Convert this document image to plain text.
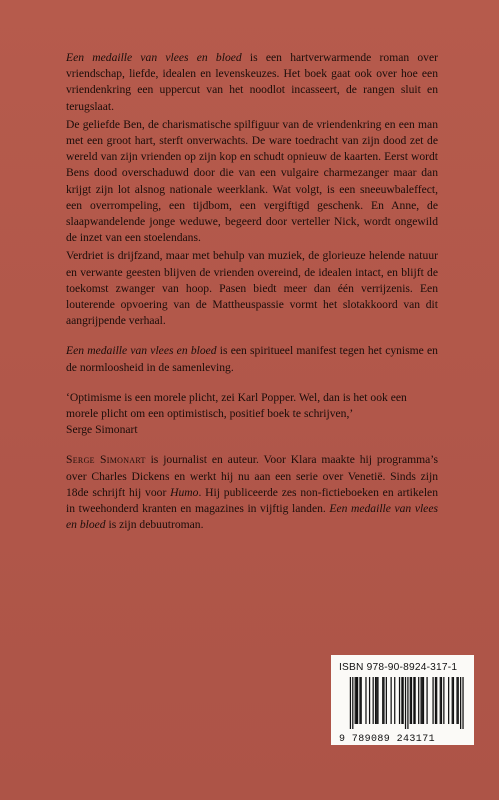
Een medaille van vlees en bloed is een hartverwarmende roman over vriendschap, liefde, idealen en levenskeuzes. Het boek gaat ook over hoe een vriendenkring een uppercut van het noodlot incasseert, de rangen sluit en terugslaat.

De geliefde Ben, de charismatische spilfiguur van de vriendenkring en een man met een groot hart, sterft onverwachts. De ware toedracht van zijn dood zet de wereld van zijn vrienden op zijn kop en schudt opnieuw de kaarten. Eerst wordt Bens dood overschaduwd door die van een vulgaire charmezanger maar dan krijgt zijn lot alsnog nationale weerklank. Wat volgt, is een sneeuwbaleffect, een overrompeling, een tijdbom, een vergiftigd geschenk. En Anne, de slaapwandelende jonge weduwe, begeerd door verteller Nick, wordt ongewild de inzet van een stoelendans.

Verdriet is drijfzand, maar met behulp van muziek, de glorieuze helende natuur en verwante geesten blijven de vrienden overeind, de idealen intact, en blijft de toekomst zwanger van hoop. Pasen biedt meer dan één verrijzenis. Een louterende opvoering van de Mattheuspassie vormt het slotakkoord van dit aangrijpende verhaal.

Een medaille van vlees en bloed is een spiritueel manifest tegen het cynisme en de normloosheid in de samenleving.

‘Optimisme is een morele plicht, zei Karl Popper. Wel, dan is het ook een morele plicht om een optimistisch, positief boek te schrijven,’
Serge Simonart

Serge Simonart is journalist en auteur. Voor Klara maakte hij programma’s over Charles Dickens en werkt hij nu aan een serie over Venetië. Sinds zijn 18de schrijft hij voor Humo. Hij publiceerde zes non-fictieboeken en artikelen in tweehonderd kranten en magazines in vijftig landen. Een medaille van vlees en bloed is zijn debuutroman.

ISBN 978-90-8924-317-1
9 789089 243171
